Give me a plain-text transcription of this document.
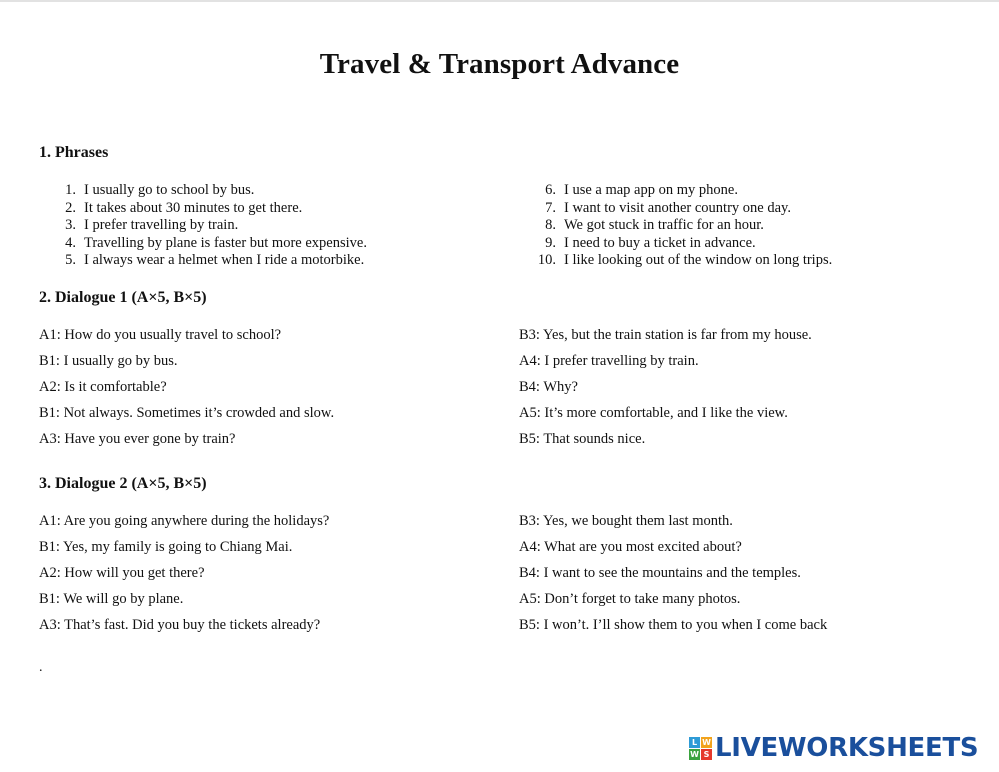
Travel & Transport Advance
1. Phrases
1. I usually go to school by bus.
2. It takes about 30 minutes to get there.
3. I prefer travelling by train.
4. Travelling by plane is faster but more expensive.
5. I always wear a helmet when I ride a motorbike.
6. I use a map app on my phone.
7. I want to visit another country one day.
8. We got stuck in traffic for an hour.
9. I need to buy a ticket in advance.
10. I like looking out of the window on long trips.
2. Dialogue 1 (A×5, B×5)
A1: How do you usually travel to school?
B1: I usually go by bus.
A2: Is it comfortable?
B1: Not always. Sometimes it’s crowded and slow.
A3: Have you ever gone by train?
B3: Yes, but the train station is far from my house.
A4: I prefer travelling by train.
B4: Why?
A5: It’s more comfortable, and I like the view.
B5: That sounds nice.
3. Dialogue 2 (A×5, B×5)
A1: Are you going anywhere during the holidays?
B1: Yes, my family is going to Chiang Mai.
A2: How will you get there?
B1: We will go by plane.
A3: That’s fast. Did you buy the tickets already?
B3: Yes, we bought them last month.
A4: What are you most excited about?
B4: I want to see the mountains and the temples.
A5: Don’t forget to take many photos.
B5: I won’t. I’ll show them to you when I come back
.
L W
W S LIVEWORKSHEETS
